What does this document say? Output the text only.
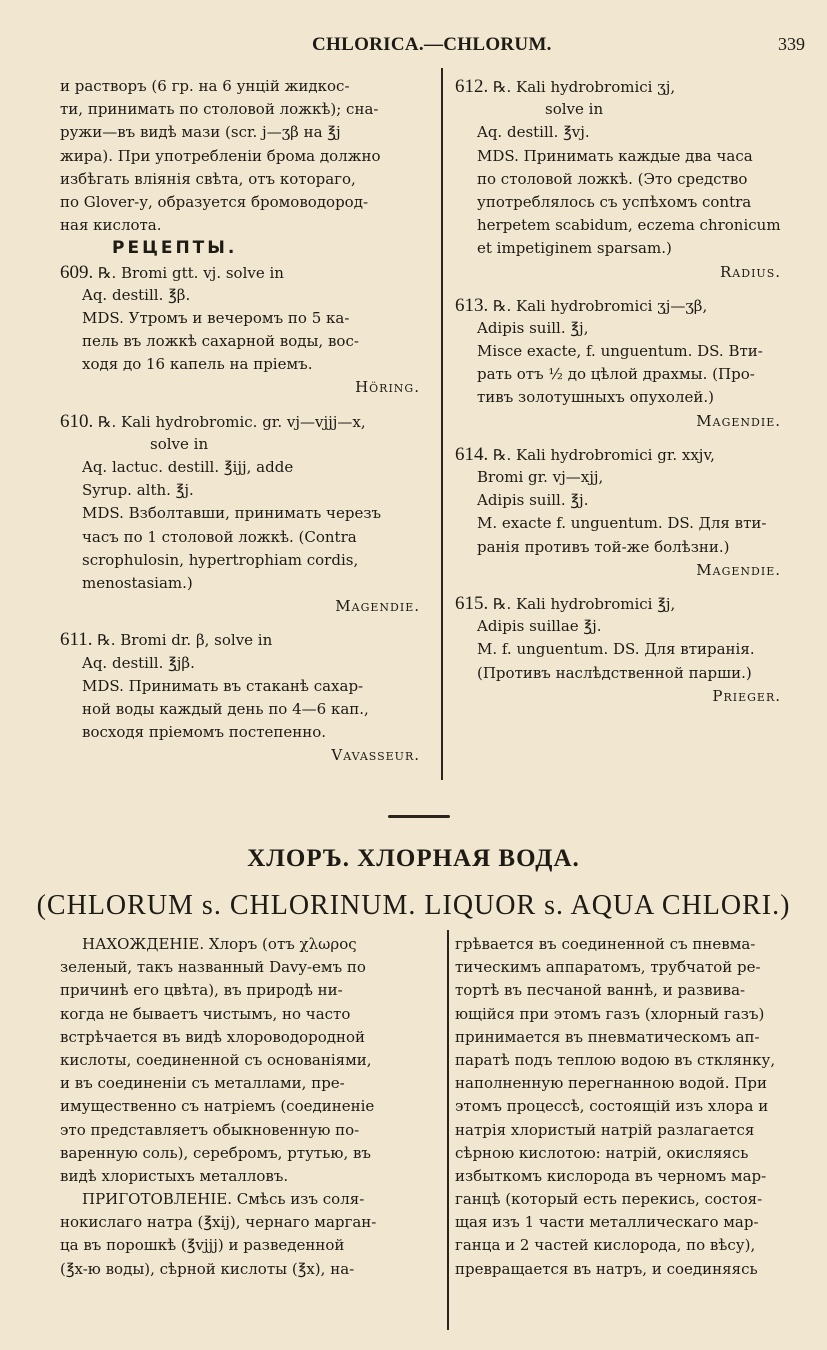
CHLORICA.—CHLORUM.	339
и растворъ (6 гр. на 6 унцій жидкос-
ти, принимать по столовой ложкѣ); сна-
ружи—въ видѣ мази (scr. j—ʒβ на ℥j
жира). При употребленіи брома должно
избѣгать вліянія свѣта, отъ котораго,
по Glover-у, образуется бромоводород-
ная кислота.
РЕЦЕПТЫ.
609. ℞. Bromi gtt. vj. solve in
Aq. destill. ℥β.
MDS. Утромъ и вечеромъ по 5 ка-
пель въ ложкѣ сахарной воды, вос-
ходя до 16 капель на пріемъ.
Höring.
610. ℞. Kali hydrobromic. gr. vj—vjjj—x,
solve in
Aq. lactuc. destill. ℥ijj, adde
Syrup. alth. ℥j.
MDS. Взболтавши, принимать черезъ
часъ по 1 столовой ложкѣ. (Contra
scrophulosin, hypertrophiam cordis,
menostasiam.)
Magendie.
611. ℞. Bromi dr. β, solve in
Aq. destill. ℥jβ.
MDS. Принимать въ стаканѣ сахар-
ной воды каждый день по 4—6 кап.,
восходя пріемомъ постепенно.
Vavasseur.
612. ℞. Kali hydrobromici ʒj,
solve in
Aq. destill. ℥vj.
MDS. Принимать каждые два часа
по столовой ложкѣ. (Это средство
употреблялось съ успѣхомъ contra
herpetem scabidum, eczema chronicum
et impetiginem sparsam.)
Radius.
613. ℞. Kali hydrobromici ʒj—ʒβ,
Adipis suill. ℥j,
Misce exacte, f. unguentum. DS. Вти-
рать отъ ½ до цѣлой драхмы. (Про-
тивъ золотушныхъ опухолей.)
Magendie.
614. ℞. Kali hydrobromici gr. xxjv,
Bromi gr. vj—xjj,
Adipis suill. ℥j.
M. exacte f. unguentum. DS. Для вти-
ранія противъ той-же болѣзни.)
Magendie.
615. ℞. Kali hydrobromici ℥j,
Adipis suillae ℥j.
M. f. unguentum. DS. Для втиранія.
(Противъ наслѣдственной парши.)
Prieger.
ХЛОРЪ. ХЛОРНАЯ ВОДА.
(CHLORUM s. CHLORINUM. LIQUOR s. AQUA CHLORI.)
НАХОЖДЕНІЕ. Хлоръ (отъ χλωρος
зеленый, такъ названный Davy-емъ по
причинѣ его цвѣта), въ природѣ ни-
когда не бываетъ чистымъ, но часто
встрѣчается въ видѣ хлороводородной
кислоты, соединенной съ основаніями,
и въ соединеніи съ металлами, пре-
имущественно съ натріемъ (соединеніе
это представляетъ обыкновенную по-
варенную соль), серебромъ, ртутью, въ
видѣ хлористыхъ металловъ.
ПРИГОТОВЛЕНІЕ. Смѣсь изъ соля-
нокислаго натра (℥xij), чернаго марган-
ца въ порошкѣ (℥vjjj) и разведенной
(℥x-ю воды), сѣрной кислоты (℥x), на-
грѣвается въ соединенной съ пневма-
тическимъ аппаратомъ, трубчатой ре-
тортѣ въ песчаной ваннѣ, и развива-
ющійся при этомъ газъ (хлорный газъ)
принимается въ пневматическомъ ап-
паратѣ подъ теплою водою въ стклянку,
наполненную перегнанною водой. При
этомъ процессѣ, состоящій изъ хлора и
натрія хлористый натрій разлагается
сѣрною кислотою: натрій, окисляясь
избыткомъ кислорода въ черномъ мар-
ганцѣ (который есть перекись, состоя-
щая изъ 1 части металлическаго мар-
ганца и 2 частей кислорода, по вѣсу),
превращается въ натръ, и соединяясь
